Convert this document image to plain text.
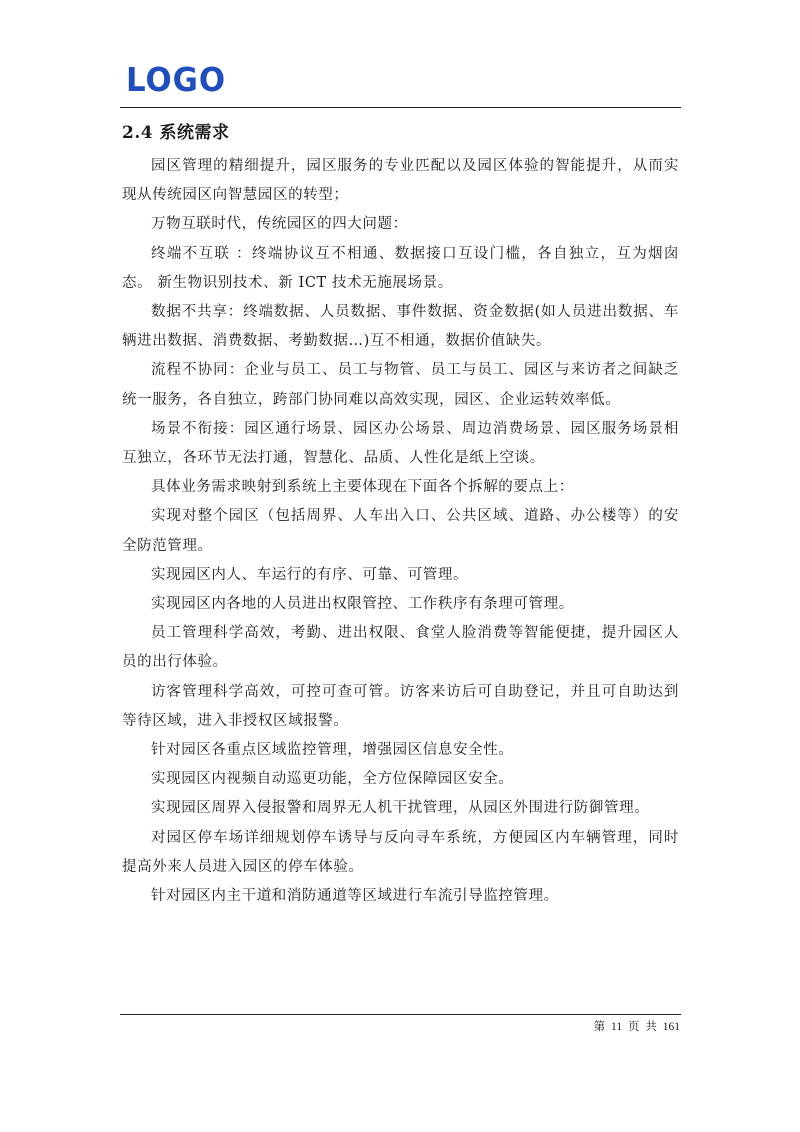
LOGO
2.4 系统需求

园区管理的精细提升，园区服务的专业匹配以及园区体验的智能提升，从而实现从传统园区向智慧园区的转型；

万物互联时代，传统园区的四大问题：

终端不互联 ：终端协议互不相通、数据接口互设门槛，各自独立，互为烟囱态。 新生物识别技术、新 ICT 技术无施展场景。

数据不共享：终端数据、人员数据、事件数据、资金数据(如人员进出数据、车辆进出数据、消费数据、考勤数据…)互不相通，数据价值缺失。

流程不协同：企业与员工、员工与物管、员工与员工、园区与来访者之间缺乏统一服务，各自独立，跨部门协同难以高效实现，园区、企业运转效率低。

场景不衔接：园区通行场景、园区办公场景、周边消费场景、园区服务场景相互独立，各环节无法打通，智慧化、品质、人性化是纸上空谈。

具体业务需求映射到系统上主要体现在下面各个拆解的要点上：

实现对整个园区（包括周界、人车出入口、公共区域、道路、办公楼等）的安全防范管理。

实现园区内人、车运行的有序、可靠、可管理。

实现园区内各地的人员进出权限管控、工作秩序有条理可管理。

员工管理科学高效，考勤、进出权限、食堂人脸消费等智能便捷，提升园区人员的出行体验。

访客管理科学高效，可控可查可管。访客来访后可自助登记，并且可自助达到等待区域，进入非授权区域报警。

针对园区各重点区域监控管理，增强园区信息安全性。

实现园区内视频自动巡更功能，全方位保障园区安全。

实现园区周界入侵报警和周界无人机干扰管理，从园区外围进行防御管理。

对园区停车场详细规划停车诱导与反向寻车系统，方便园区内车辆管理，同时提高外来人员进入园区的停车体验。

针对园区内主干道和消防通道等区域进行车流引导监控管理。

第 11 页 共 161
